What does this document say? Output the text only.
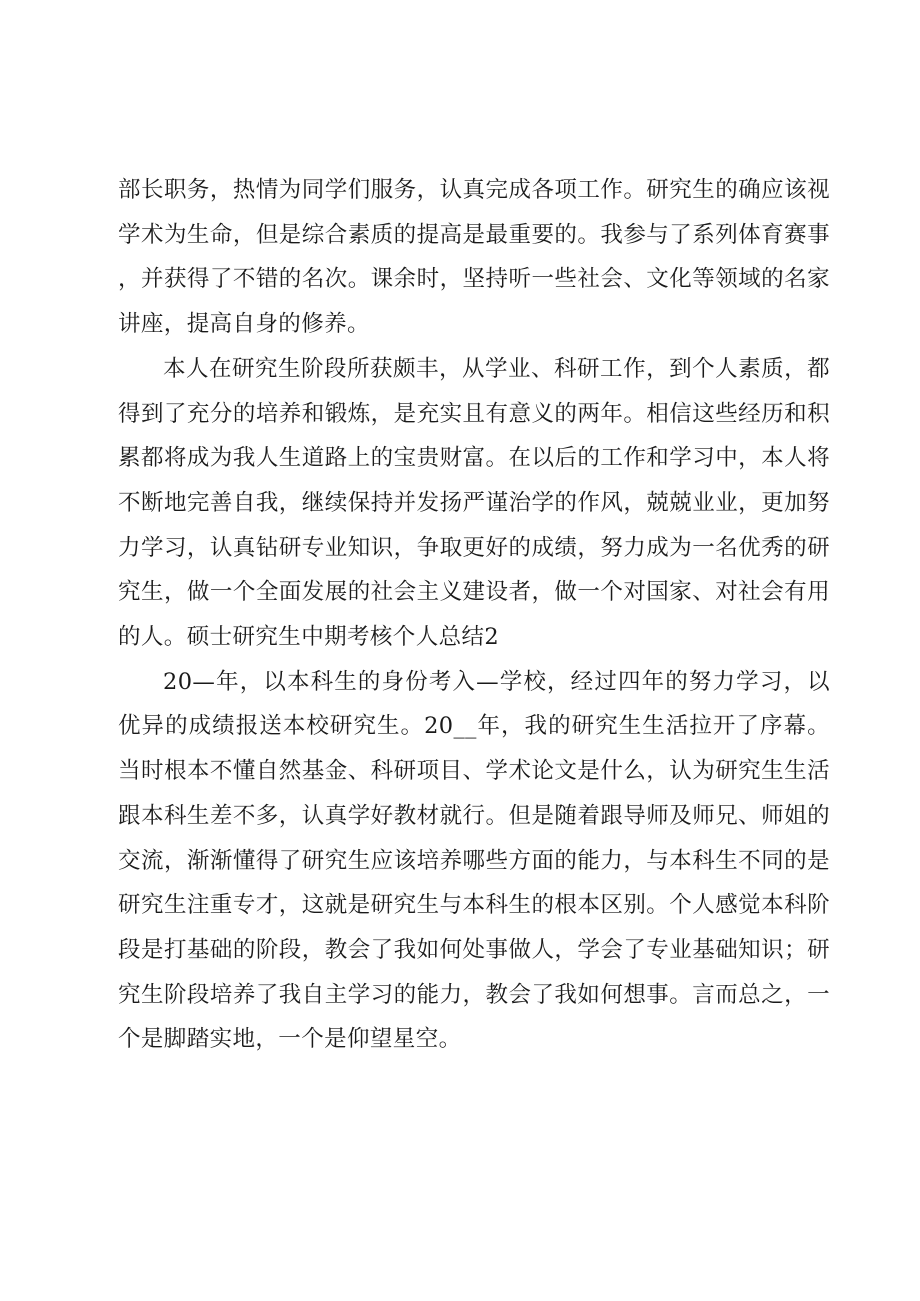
部长职务，热情为同学们服务，认真完成各项工作。研究生的确应该视学术为生命，但是综合素质的提高是最重要的。我参与了系列体育赛事，并获得了不错的名次。课余时，坚持听一些社会、文化等领域的名家讲座，提高自身的修养。

本人在研究生阶段所获颇丰，从学业、科研工作，到个人素质，都得到了充分的培养和锻炼，是充实且有意义的两年。相信这些经历和积累都将成为我人生道路上的宝贵财富。在以后的工作和学习中，本人将不断地完善自我，继续保持并发扬严谨治学的作风，兢兢业业，更加努力学习，认真钻研专业知识，争取更好的成绩，努力成为一名优秀的研究生，做一个全面发展的社会主义建设者，做一个对国家、对社会有用的人。硕士研究生中期考核个人总结2

20—年，以本科生的身份考入—学校，经过四年的努力学习，以优异的成绩报送本校研究生。20__年，我的研究生生活拉开了序幕。当时根本不懂自然基金、科研项目、学术论文是什么，认为研究生生活跟本科生差不多，认真学好教材就行。但是随着跟导师及师兄、师姐的交流，渐渐懂得了研究生应该培养哪些方面的能力，与本科生不同的是研究生注重专才，这就是研究生与本科生的根本区别。个人感觉本科阶段是打基础的阶段，教会了我如何处事做人，学会了专业基础知识；研究生阶段培养了我自主学习的能力，教会了我如何想事。言而总之，一个是脚踏实地，一个是仰望星空。
